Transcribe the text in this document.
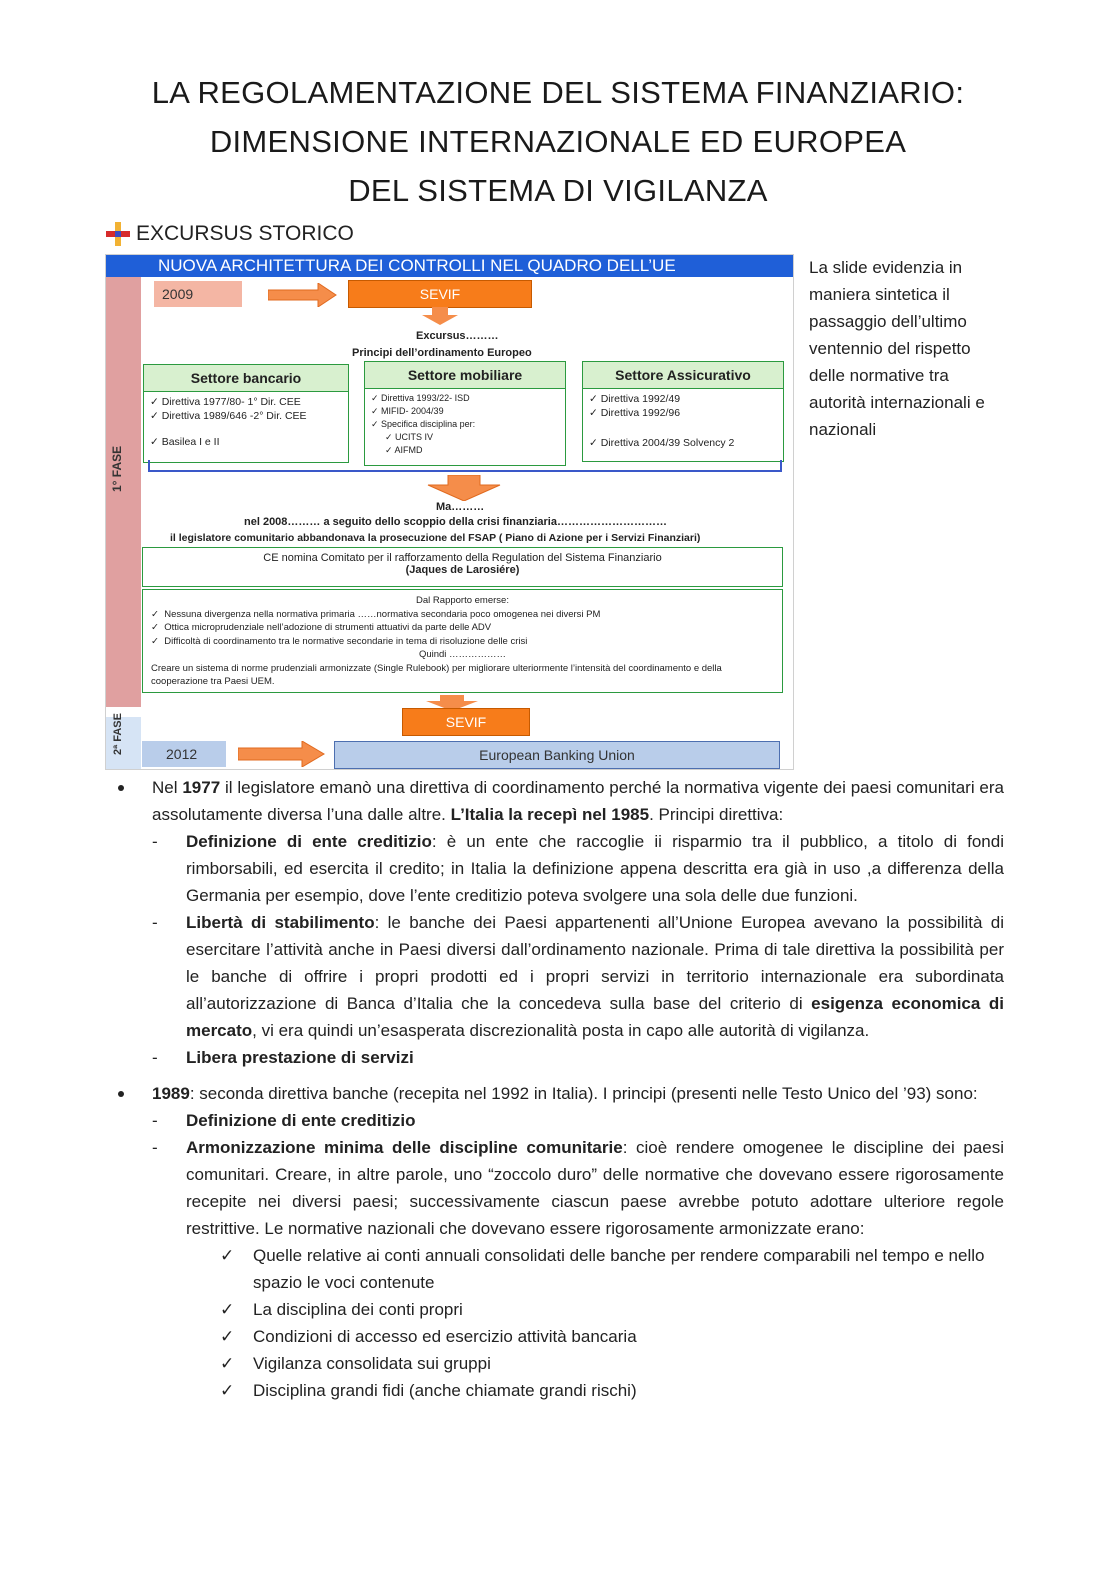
LA REGOLAMENTAZIONE DEL SISTEMA FINANZIARIO:
DIMENSIONE INTERNAZIONALE ED EUROPEA
DEL SISTEMA DI VIGILANZA
EXCURSUS STORICO
NUOVA ARCHITETTURA DEI CONTROLLI NEL QUADRO DELL’UE
1° FASE
2ª FASE
2009	SEVIF
Excursus………
Principi dell’ordinamento Europeo
Settore bancario
✓ Direttiva 1977/80- 1° Dir. CEE
✓ Direttiva 1989/646 -2° Dir. CEE
✓ Basilea I e II
Settore mobiliare
✓ Direttiva 1993/22- ISD
✓ MIFID- 2004/39
✓ Specifica disciplina per:
✓ UCITS IV
✓ AIFMD
Settore Assicurativo
✓ Direttiva 1992/49
✓ Direttiva 1992/96
✓ Direttiva 2004/39 Solvency 2
Ma………
nel 2008……… a seguito dello scoppio della crisi finanziaria…………………………
il legislatore comunitario abbandonava la prosecuzione del FSAP ( Piano di Azione per i Servizi Finanziari)
CE nomina Comitato per il rafforzamento della Regulation del Sistema Finanziario
(Jaques de Larosiére)
Dal Rapporto emerse:
✓  Nessuna divergenza nella normativa primaria ……normativa secondaria poco omogenea nei diversi PM
✓  Ottica microprudenziale nell’adozione di strumenti attuativi da parte delle ADV
✓  Difficoltà di coordinamento tra le normative secondarie in tema di risoluzione delle crisi
Quindi ………………
Creare un sistema di norme prudenziali armonizzate (Single Rulebook) per migliorare ulteriormente l’intensità del coordinamento e della cooperazione tra Paesi UEM.
SEVIF
2012	European Banking Union
La slide evidenzia in maniera sintetica il passaggio dell’ultimo ventennio del rispetto delle normative tra autorità internazionali e nazionali
Nel 1977 il legislatore emanò una direttiva di coordinamento perché la normativa vigente dei paesi comunitari era assolutamente diversa l’una dalle altre. L’Italia la recepì nel 1985. Principi direttiva:
- Definizione di ente creditizio: è un ente che raccoglie ii risparmio tra il pubblico, a titolo di fondi rimborsabili, ed esercita il credito; in Italia la definizione appena descritta era già in uso ,a differenza della Germania per esempio, dove l’ente creditizio poteva svolgere una sola delle due funzioni.
- Libertà di stabilimento: le banche dei Paesi appartenenti all’Unione Europea avevano la possibilità di esercitare l’attività anche in Paesi diversi dall’ordinamento nazionale. Prima di tale direttiva la possibilità per le banche di offrire i propri prodotti ed i propri servizi in territorio internazionale era subordinata all’autorizzazione di Banca d’Italia che la concedeva sulla base del criterio di esigenza economica di mercato, vi era quindi un’esasperata discrezionalità posta in capo alle autorità di vigilanza.
- Libera prestazione di servizi
1989: seconda direttiva banche (recepita nel 1992 in Italia). I principi (presenti nelle Testo Unico del ’93) sono:
- Definizione di ente creditizio
- Armonizzazione minima delle discipline comunitarie: cioè rendere omogenee le discipline dei paesi comunitari. Creare, in altre parole, uno “zoccolo duro” delle normative che dovevano essere rigorosamente recepite nei diversi paesi; successivamente ciascun paese avrebbe potuto adottare ulteriore regole restrittive. Le normative nazionali che dovevano essere rigorosamente armonizzate erano:
✓ Quelle relative ai conti annuali consolidati delle banche per rendere comparabili nel tempo e nello spazio le voci contenute
✓ La disciplina dei conti propri
✓ Condizioni di accesso ed esercizio attività bancaria
✓ Vigilanza consolidata sui gruppi
✓ Disciplina grandi fidi (anche chiamate grandi rischi)
